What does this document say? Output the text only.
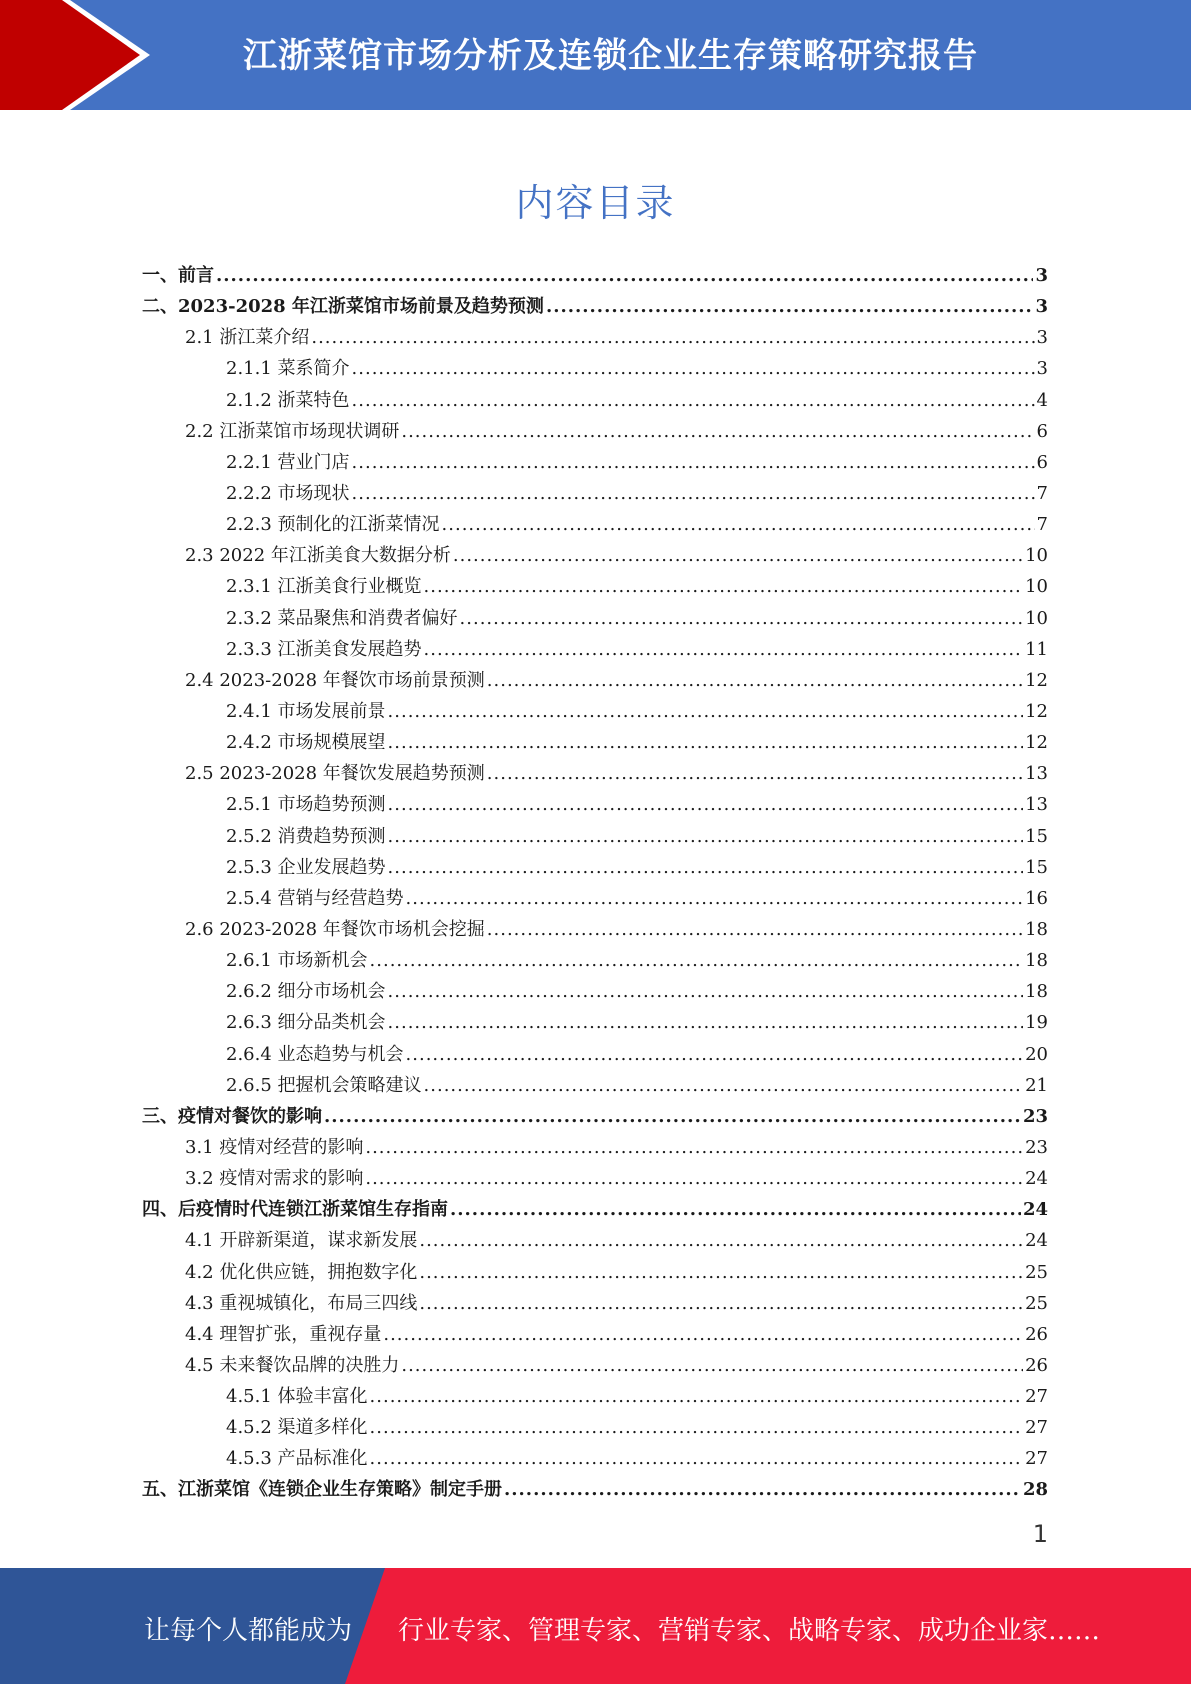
江浙菜馆市场分析及连锁企业生存策略研究报告
内容目录
一、前言 .....	3
二、2023-2028 年江浙菜馆市场前景及趋势预测 .....	3
2.1 浙江菜介绍 .....	3
2.1.1 菜系简介 .....	3
2.1.2 浙菜特色 .....	4
2.2 江浙菜馆市场现状调研 .....	6
2.2.1 营业门店 .....	6
2.2.2 市场现状 .....	7
2.2.3 预制化的江浙菜情况 .....	7
2.3 2022 年江浙美食大数据分析 .....	10
2.3.1 江浙美食行业概览 .....	10
2.3.2 菜品聚焦和消费者偏好 .....	10
2.3.3 江浙美食发展趋势 .....	11
2.4 2023-2028 年餐饮市场前景预测 .....	12
2.4.1 市场发展前景 .....	12
2.4.2 市场规模展望 .....	12
2.5 2023-2028 年餐饮发展趋势预测 .....	13
2.5.1 市场趋势预测 .....	13
2.5.2 消费趋势预测 .....	15
2.5.3 企业发展趋势 .....	15
2.5.4 营销与经营趋势 .....	16
2.6 2023-2028 年餐饮市场机会挖掘 .....	18
2.6.1 市场新机会 .....	18
2.6.2 细分市场机会 .....	18
2.6.3 细分品类机会 .....	19
2.6.4 业态趋势与机会 .....	20
2.6.5 把握机会策略建议 .....	21
三、疫情对餐饮的影响 .....	23
3.1 疫情对经营的影响 .....	23
3.2 疫情对需求的影响 .....	24
四、后疫情时代连锁江浙菜馆生存指南 .....	24
4.1 开辟新渠道，谋求新发展 .....	24
4.2 优化供应链，拥抱数字化 .....	25
4.3 重视城镇化，布局三四线 .....	25
4.4 理智扩张，重视存量 .....	26
4.5 未来餐饮品牌的决胜力 .....	26
4.5.1 体验丰富化 .....	27
4.5.2 渠道多样化 .....	27
4.5.3 产品标准化 .....	27
五、江浙菜馆《连锁企业生存策略》制定手册 .....	28
1
让每个人都能成为 行业专家、管理专家、营销专家、战略专家、成功企业家……
